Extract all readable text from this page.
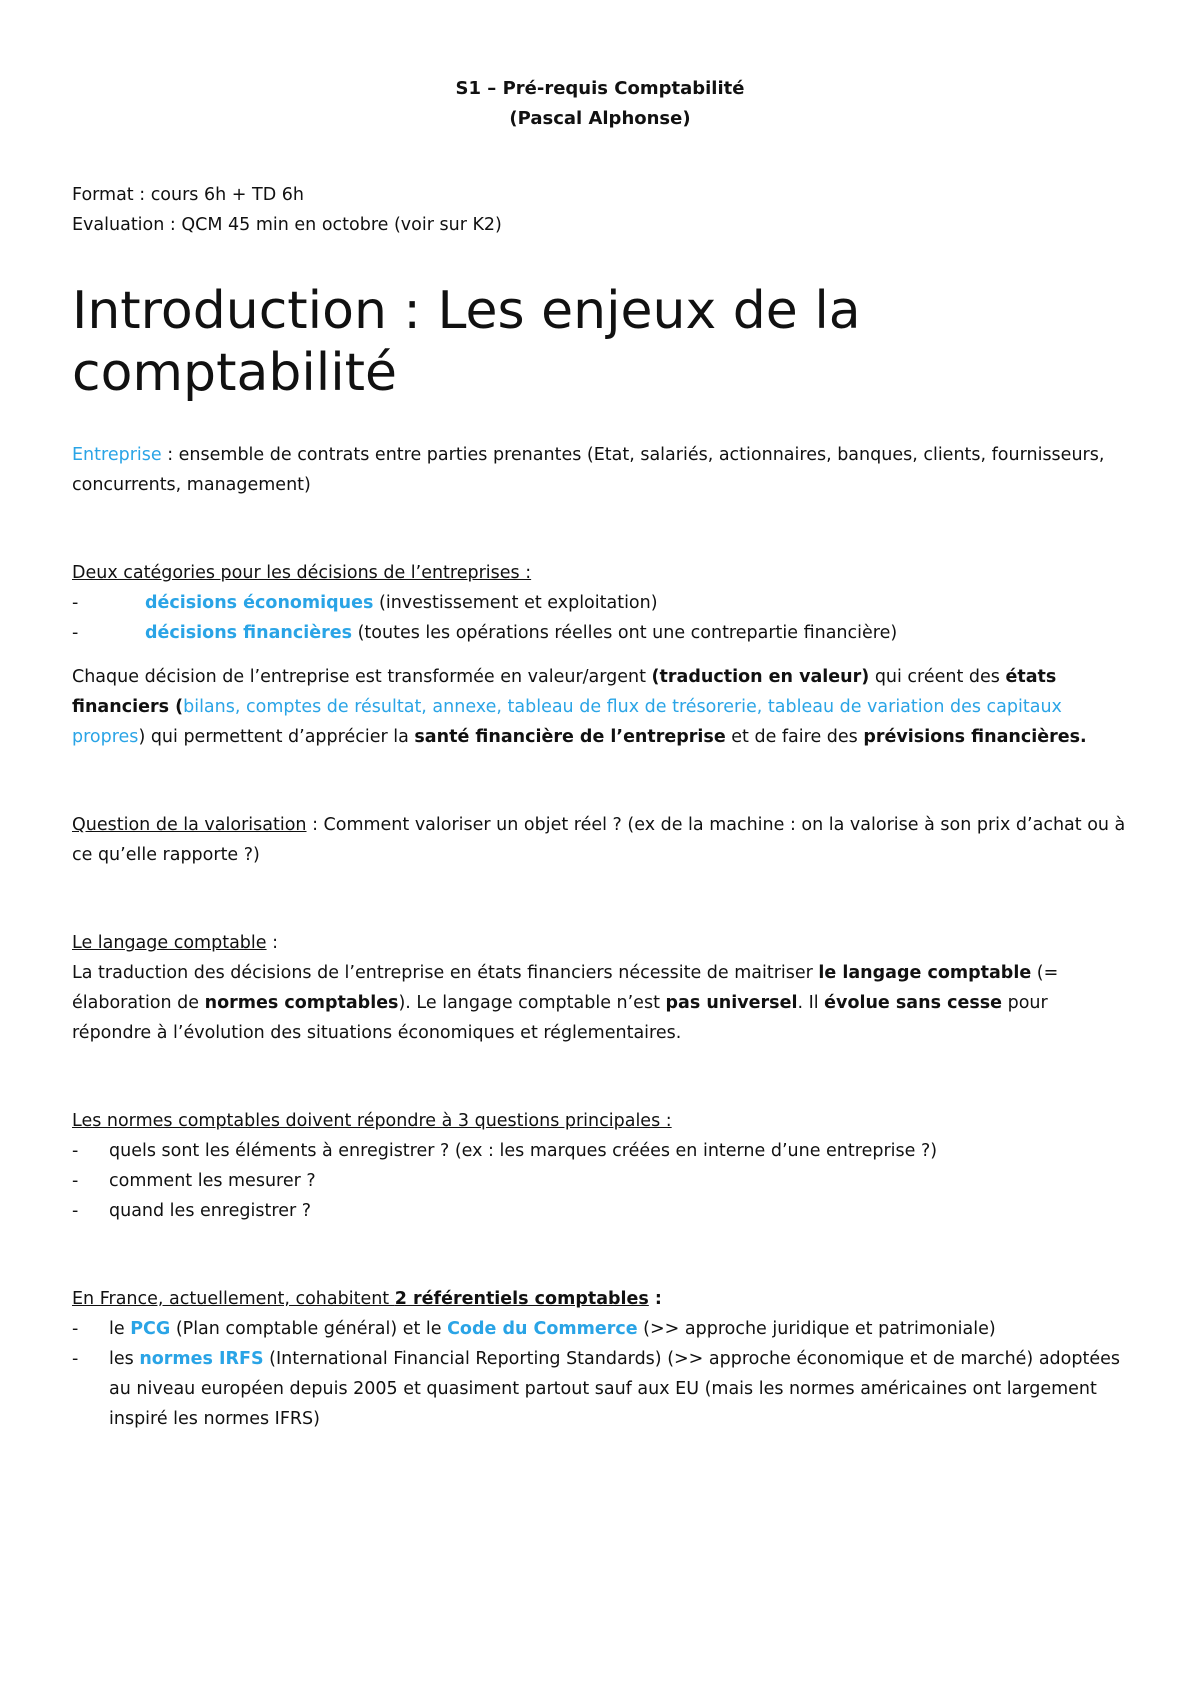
S1 – Pré-requis Comptabilité
(Pascal Alphonse)
Format : cours 6h + TD 6h
Evaluation : QCM 45 min en octobre (voir sur K2)
Introduction : Les enjeux de la comptabilité

Entreprise : ensemble de contrats entre parties prenantes (Etat, salariés, actionnaires, banques, clients, fournisseurs, concurrents, management)

Deux catégories pour les décisions de l’entreprises :

-	décisions économiques (investissement et exploitation)
-	décisions financières (toutes les opérations réelles ont une contrepartie financière)

Chaque décision de l’entreprise est transformée en valeur/argent (traduction en valeur) qui créent des états financiers (bilans, comptes de résultat, annexe, tableau de flux de trésorerie, tableau de variation des capitaux propres) qui permettent d’apprécier la santé financière de l’entreprise et de faire des prévisions financières.

Question de la valorisation : Comment valoriser un objet réel ? (ex de la machine : on la valorise à son prix d’achat ou à ce qu’elle rapporte ?)

Le langage comptable :

La traduction des décisions de l’entreprise en états financiers nécessite de maitriser le langage comptable (= élaboration de normes comptables). Le langage comptable n’est pas universel. Il évolue sans cesse pour répondre à l’évolution des situations économiques et réglementaires.

Les normes comptables doivent répondre à 3 questions principales :

- quels sont les éléments à enregistrer ? (ex : les marques créées en interne d’une entreprise ?)
- comment les mesurer ?
- quand les enregistrer ?

En France, actuellement, cohabitent 2 référentiels comptables :

- le PCG (Plan comptable général) et le Code du Commerce (>> approche juridique et patrimoniale)
- les normes IRFS (International Financial Reporting Standards) (>> approche économique et de marché) adoptées au niveau européen depuis 2005 et quasiment partout sauf aux EU (mais les normes américaines ont largement inspiré les normes IFRS)
